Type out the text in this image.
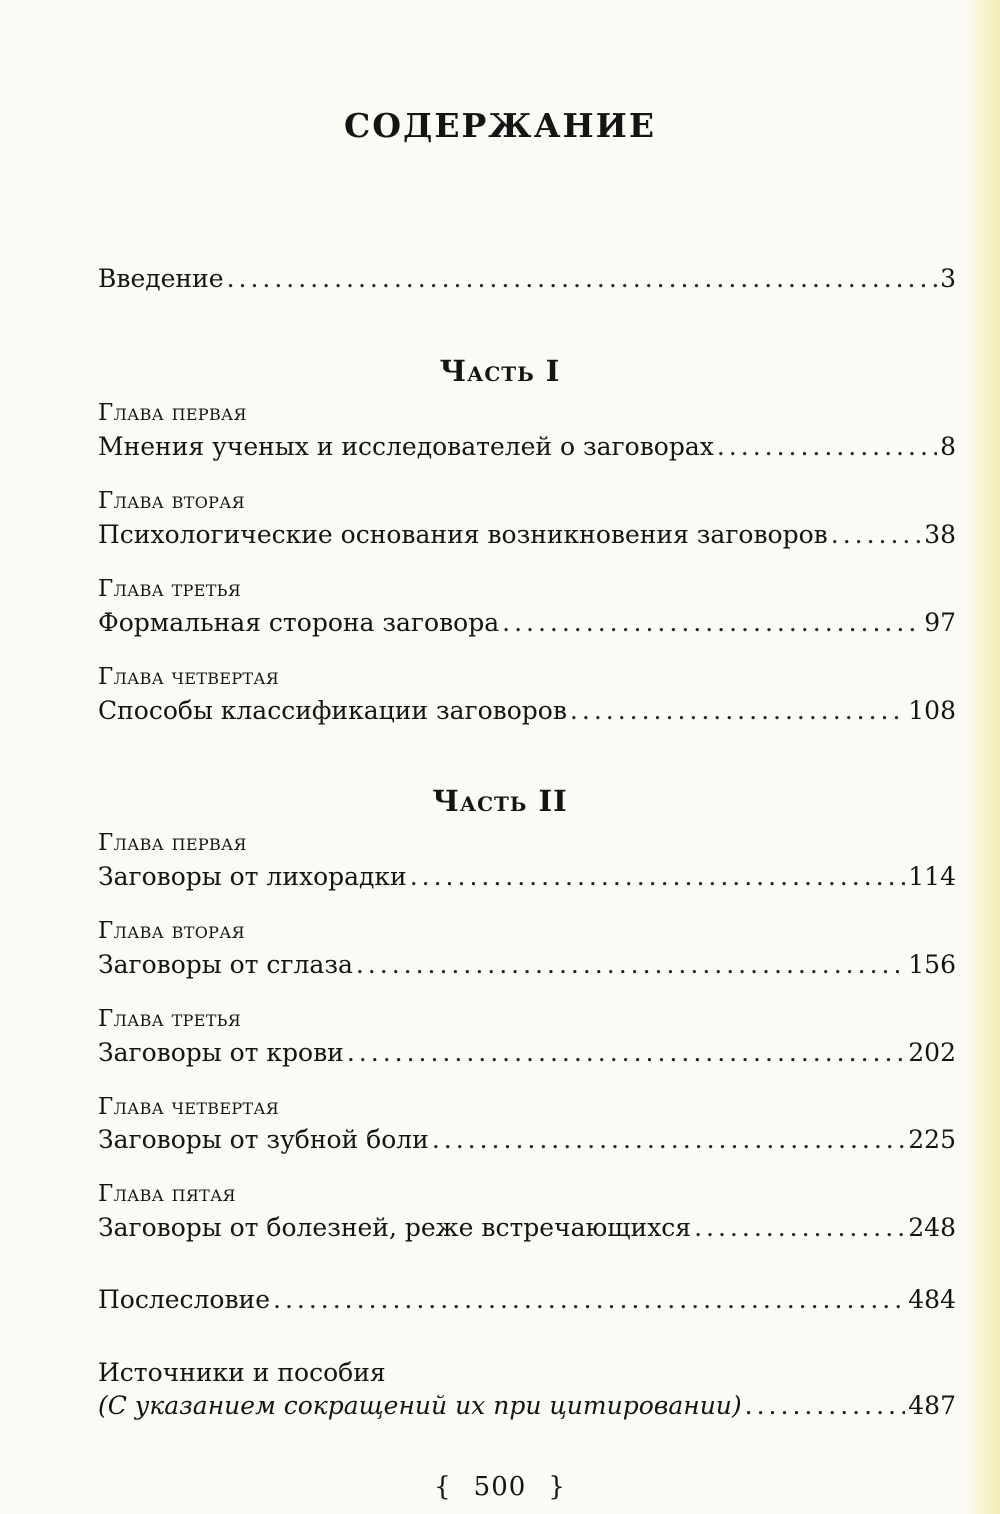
СОДЕРЖАНИЕ
Введение .....	3
Часть I
Глава первая
Мнения ученых и исследователей о заговорах .....	8
Глава вторая
Психологические основания возникновения заговоров .....	38
Глава третья
Формальная сторона заговора .....	97
Глава четвертая
Способы классификации заговоров .....	108
Часть II
Глава первая
Заговоры от лихорадки .....	114
Глава вторая
Заговоры от сглаза .....	156
Глава третья
Заговоры от крови .....	202
Глава четвертая
Заговоры от зубной боли .....	225
Глава пятая
Заговоры от болезней, реже встречающихся .....	248
Послесловие .....	484
Источники и пособия
(С указанием сокращений их при цитировании) .....	487
{ 500 }
